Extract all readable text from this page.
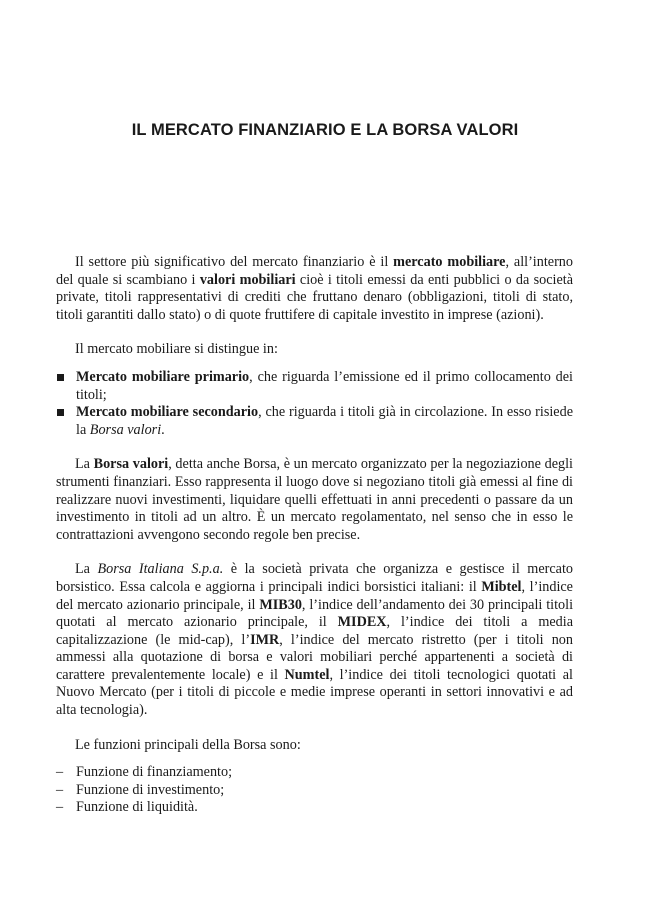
IL MERCATO FINANZIARIO E LA BORSA VALORI

Il settore più significativo del mercato finanziario è il mercato mobiliare, all’interno del quale si scambiano i valori mobiliari cioè i titoli emessi da enti pubblici o da società private, titoli rappresentativi di crediti che fruttano denaro (obbligazioni, titoli di stato, titoli garantiti dallo stato) o di quote fruttifere di capitale investito in imprese (azioni).

Il mercato mobiliare si distingue in:

Mercato mobiliare primario, che riguarda l’emissione ed il primo collocamento dei titoli;
Mercato mobiliare secondario, che riguarda i titoli già in circolazione. In esso risiede la Borsa valori.

La Borsa valori, detta anche Borsa, è un mercato organizzato per la negoziazione degli strumenti finanziari. Esso rappresenta il luogo dove si negoziano titoli già emessi al fine di realizzare nuovi investimenti, liquidare quelli effettuati in anni precedenti o passare da un investimento in titoli ad un altro. È un mercato regolamentato, nel senso che in esso le contrattazioni avvengono secondo regole ben precise.

La Borsa Italiana S.p.a. è la società privata che organizza e gestisce il mercato borsistico. Essa calcola e aggiorna i principali indici borsistici italiani: il Mibtel, l’indice del mercato azionario principale, il MIB30, l’indice dell’andamento dei 30 principali titoli quotati al mercato azionario principale, il MIDEX, l’indice dei titoli a media capitalizzazione (le mid-cap), l’IMR, l’indice del mercato ristretto (per i titoli non ammessi alla quotazione di borsa e valori mobiliari perché appartenenti a società di carattere prevalentemente locale) e il Numtel, l’indice dei titoli tecnologici quotati al Nuovo Mercato (per i titoli di piccole e medie imprese operanti in settori innovativi e ad alta tecnologia).

Le funzioni principali della Borsa sono:

– Funzione di finanziamento;
– Funzione di investimento;
– Funzione di liquidità.
